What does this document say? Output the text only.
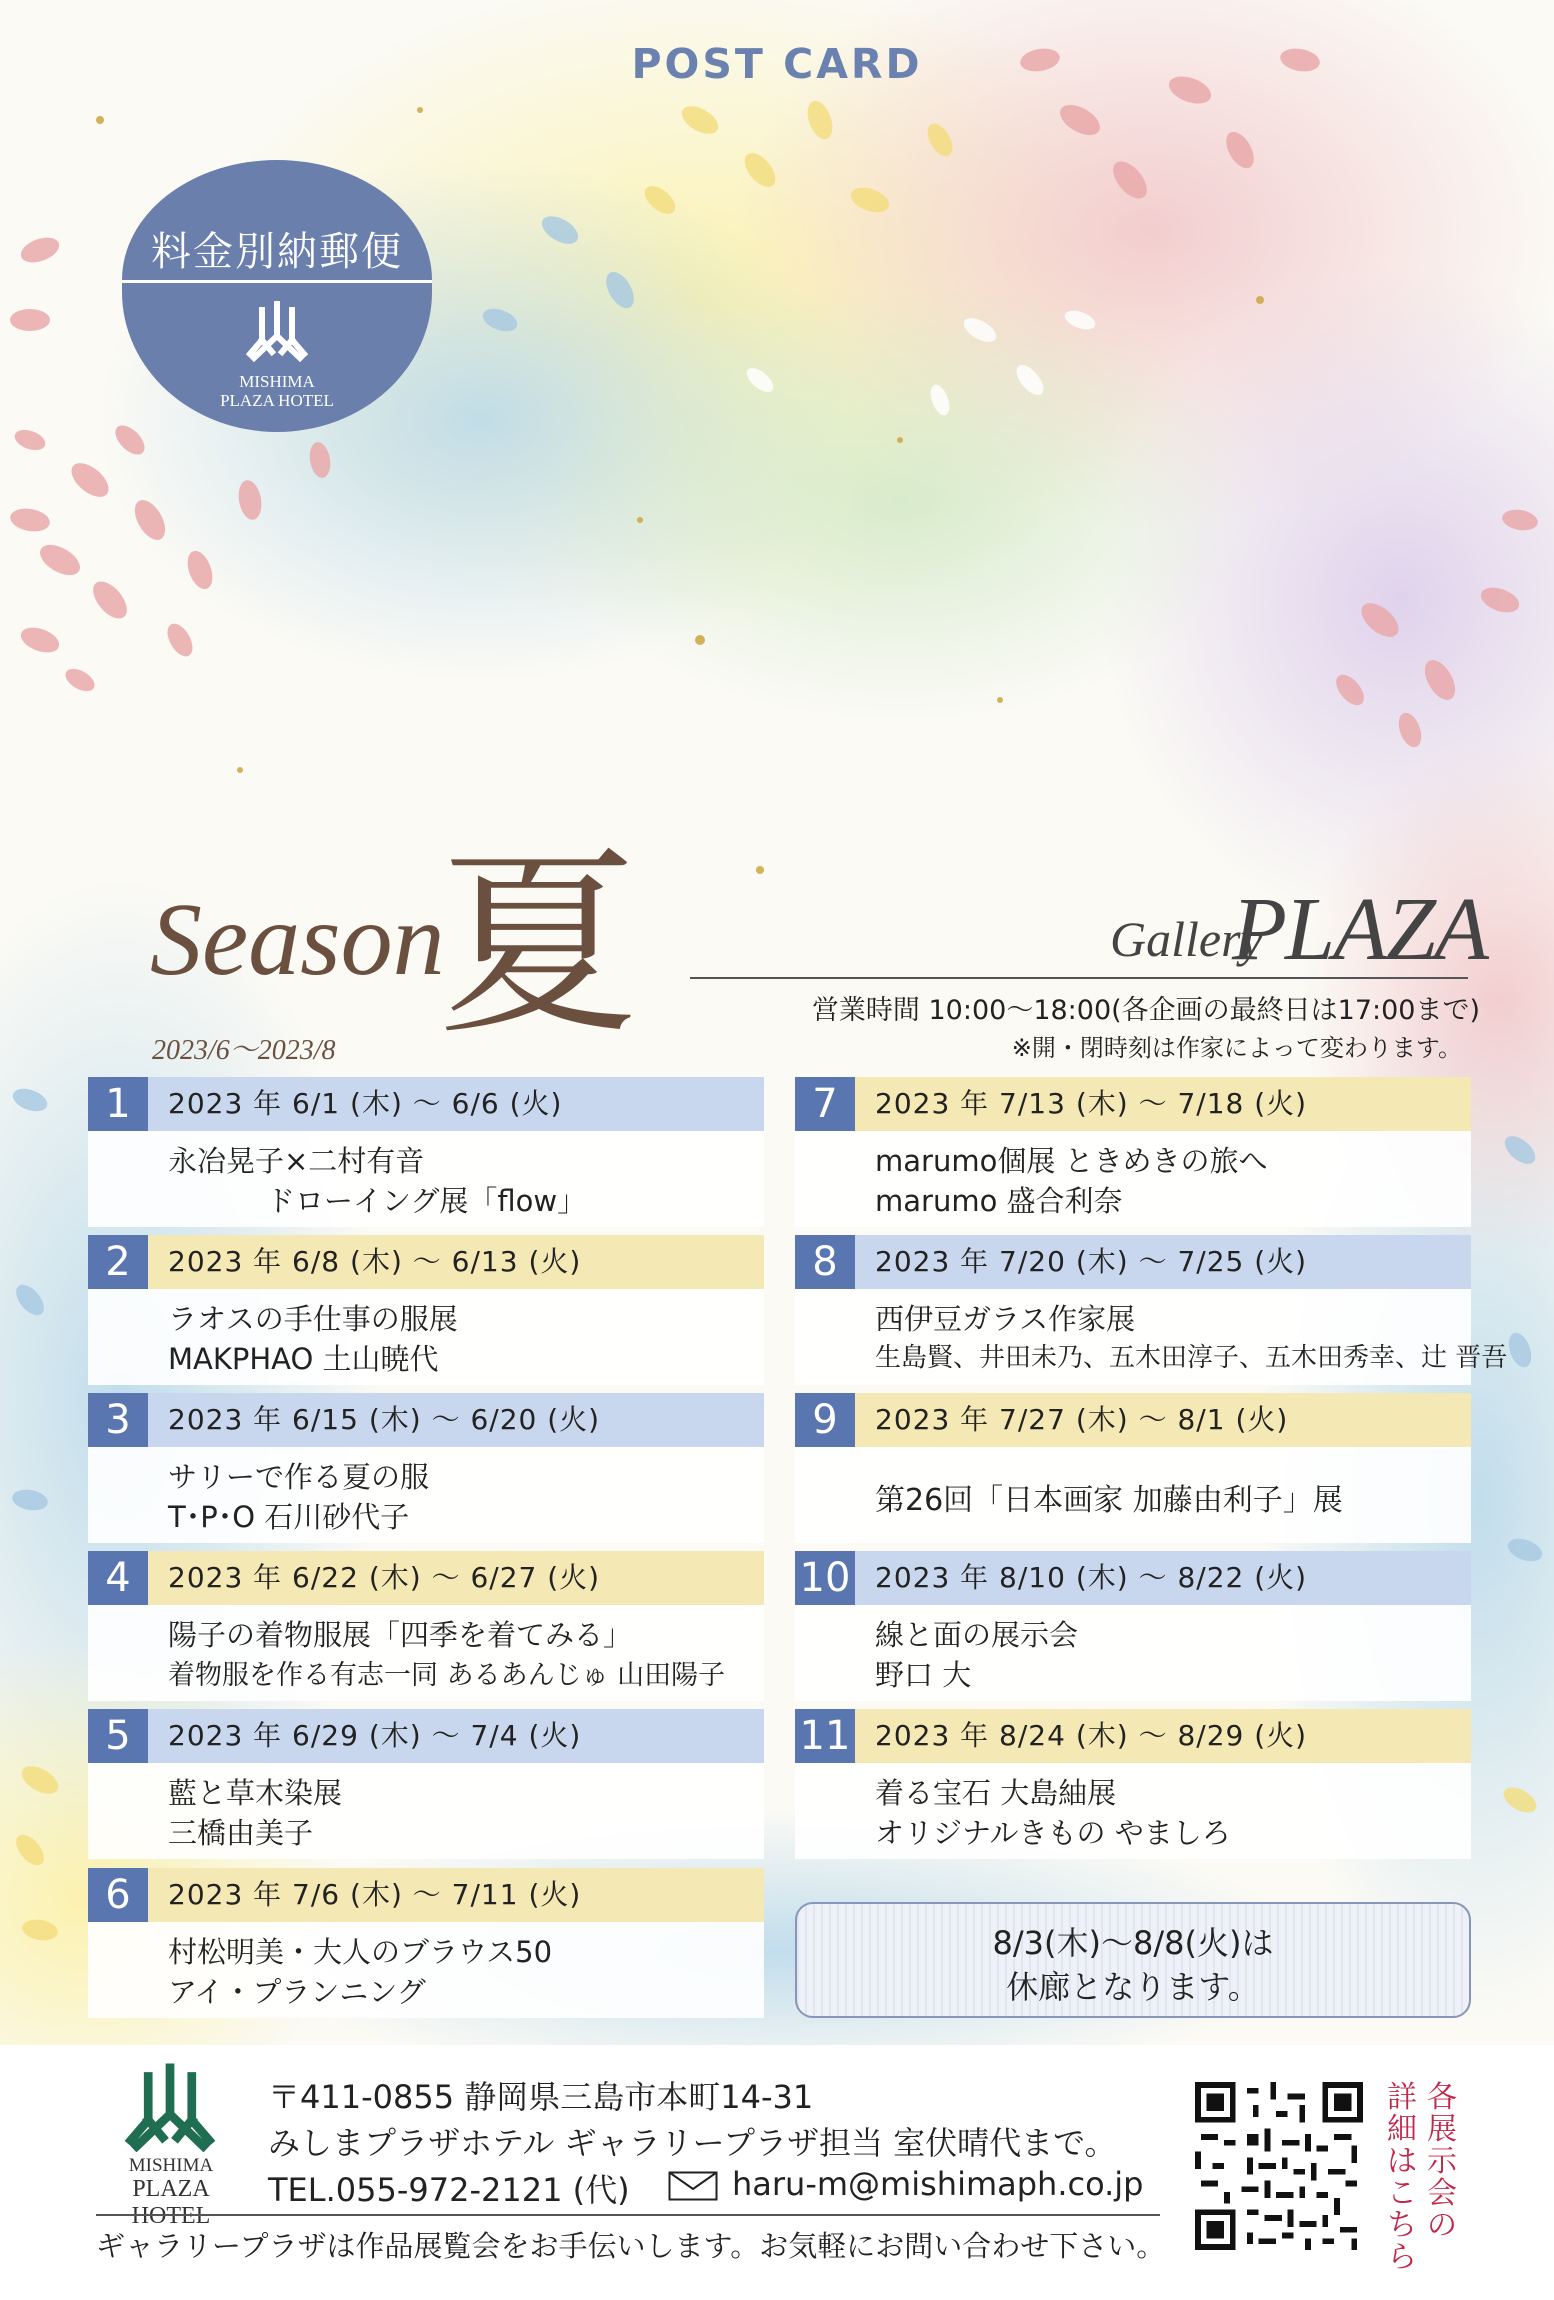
POST CARD
料金別納郵便
MISHIMA
PLAZA HOTEL
Season
夏
2023/6〜2023/8
Gallery
PLAZA
営業時間 10:00〜18:00(各企画の最終日は17:00まで)
※開・閉時刻は作家によって変わります。
1	2023 年 6/1 (木) 〜 6/6 (火)
永冶晃子×二村有音
ドローイング展「flow」
2	2023 年 6/8 (木) 〜 6/13 (火)
ラオスの手仕事の服展
MAKPHAO 土山暁代
3	2023 年 6/15 (木) 〜 6/20 (火)
サリーで作る夏の服
T･P･O 石川砂代子
4	2023 年 6/22 (木) 〜 6/27 (火)
陽子の着物服展「四季を着てみる」
着物服を作る有志一同 あるあんじゅ 山田陽子
5	2023 年 6/29 (木) 〜 7/4 (火)
藍と草木染展
三橋由美子
6	2023 年 7/6 (木) 〜 7/11 (火)
村松明美・大人のブラウス50
アイ・プランニング
7	2023 年 7/13 (木) 〜 7/18 (火)
marumo個展 ときめきの旅へ
marumo 盛合利奈
8	2023 年 7/20 (木) 〜 7/25 (火)
西伊豆ガラス作家展
生島賢、井田未乃、五木田淳子、五木田秀幸、辻 晋吾
9	2023 年 7/27 (木) 〜 8/1 (火)
第26回「日本画家 加藤由利子」展
10 2023 年 8/10 (木) 〜 8/22 (火)
線と面の展示会
野口 大
11 2023 年 8/24 (木) 〜 8/29 (火)
着る宝石 大島紬展
オリジナルきもの やましろ
8/3(木)〜8/8(火)は
休廊となります。
MISHIMA
PLAZA HOTEL
〒411-0855 静岡県三島市本町14-31
みしまプラザホテル ギャラリープラザ担当 室伏晴代まで。
TEL.055-972-2121 (代)	haru-m@mishimaph.co.jp
ギャラリープラザは作品展覧会をお手伝いします。お気軽にお問い合わせ下さい。
各展示会の
詳細はこちら
